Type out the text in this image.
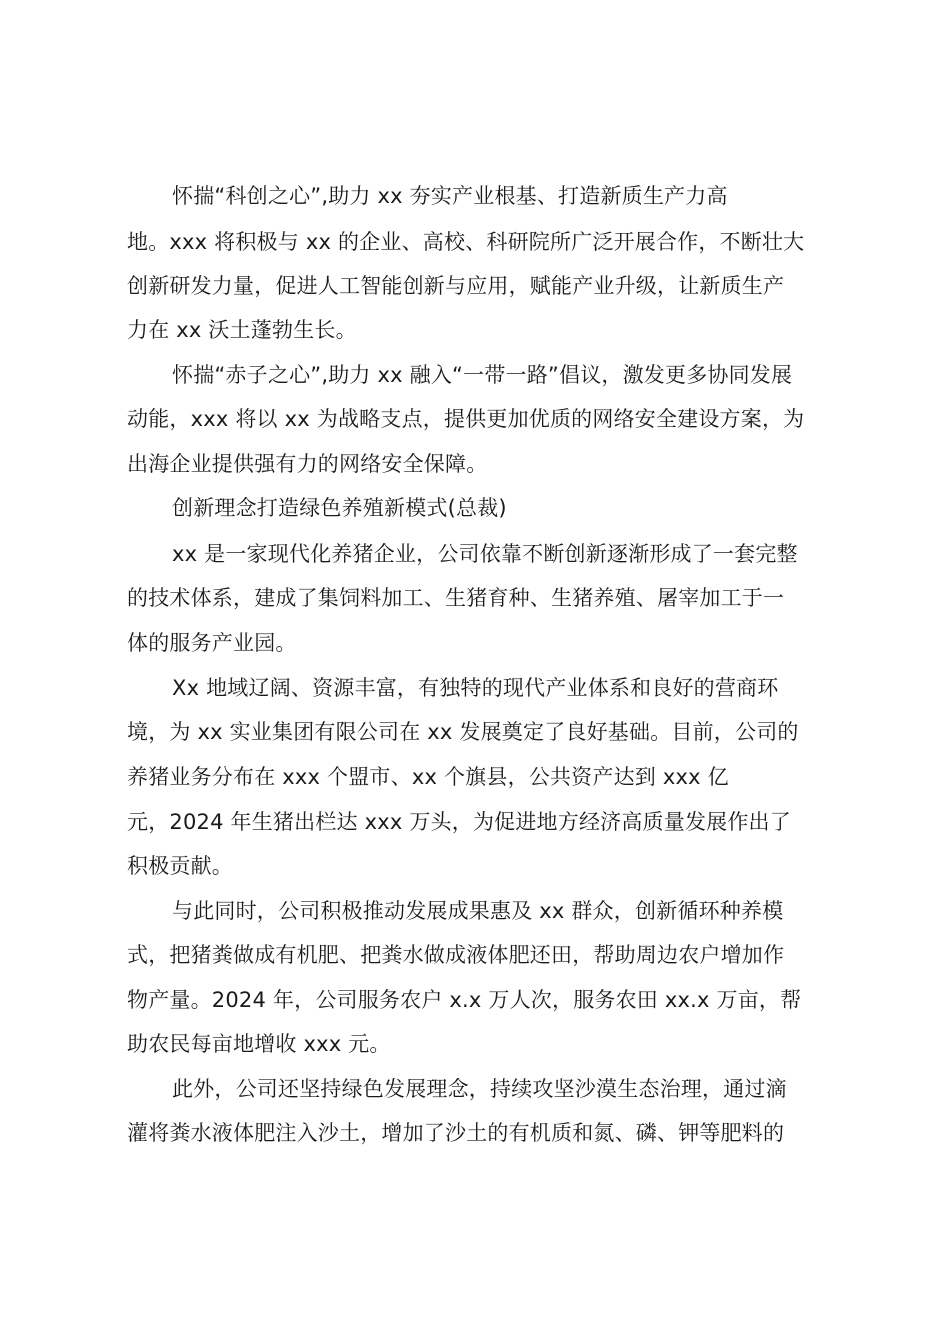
怀揣“科创之心”,助力 xx 夯实产业根基、打造新质生产力高
地。xxx 将积极与 xx 的企业、高校、科研院所广泛开展合作，不断壮大
创新研发力量，促进人工智能创新与应用，赋能产业升级，让新质生产
力在 xx 沃土蓬勃生长。
怀揣“赤子之心”,助力 xx 融入“一带一路”倡议，激发更多协同发展
动能，xxx 将以 xx 为战略支点，提供更加优质的网络安全建设方案，为
出海企业提供强有力的网络安全保障。
创新理念打造绿色养殖新模式(总裁)
xx 是一家现代化养猪企业，公司依靠不断创新逐渐形成了一套完整
的技术体系，建成了集饲料加工、生猪育种、生猪养殖、屠宰加工于一
体的服务产业园。
Xx 地域辽阔、资源丰富，有独特的现代产业体系和良好的营商环
境，为 xx 实业集团有限公司在 xx 发展奠定了良好基础。目前，公司的
养猪业务分布在 xxx 个盟市、xx 个旗县，公共资产达到 xxx 亿
元，2024 年生猪出栏达 xxx 万头，为促进地方经济高质量发展作出了
积极贡献。
与此同时，公司积极推动发展成果惠及 xx 群众，创新循环种养模
式，把猪粪做成有机肥、把粪水做成液体肥还田，帮助周边农户增加作
物产量。2024 年，公司服务农户 x.x 万人次，服务农田 xx.x 万亩，帮
助农民每亩地增收 xxx 元。
此外，公司还坚持绿色发展理念，持续攻坚沙漠生态治理，通过滴
灌将粪水液体肥注入沙土，增加了沙土的有机质和氮、磷、钾等肥料的
